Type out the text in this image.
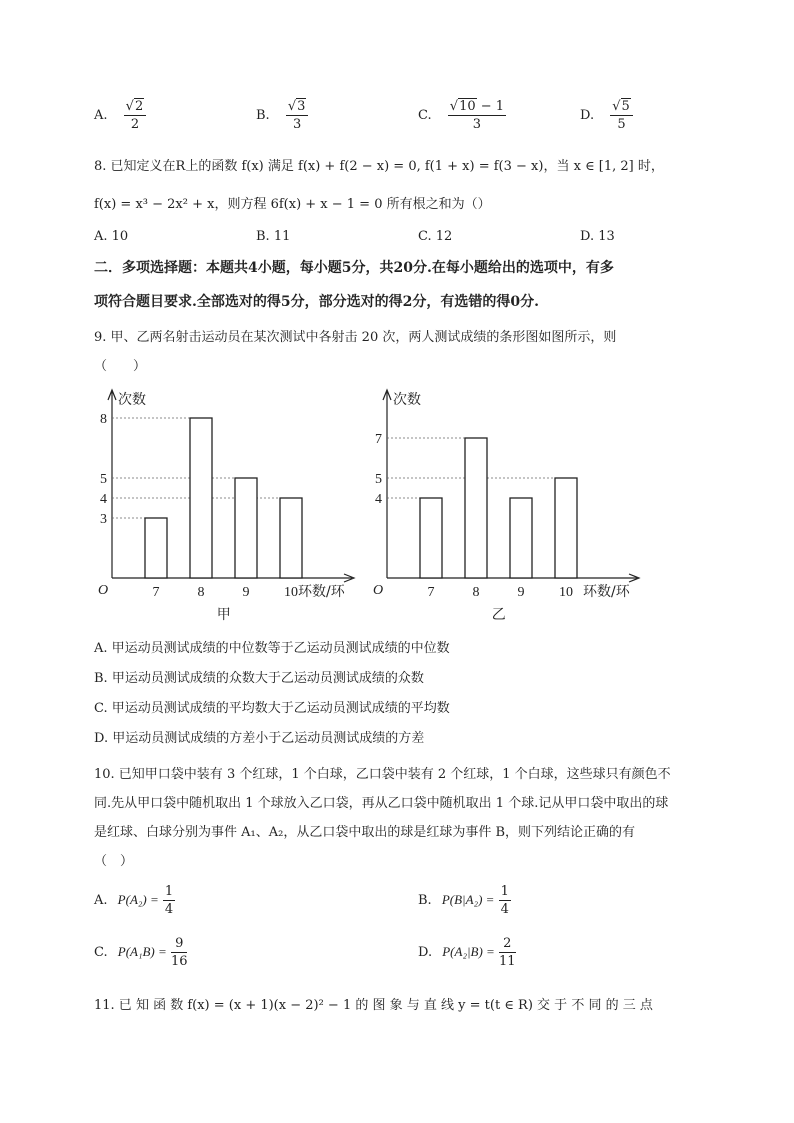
A. $\frac{√2}{2}$	B. $\frac{√3}{3}$	C. $\frac{√10 - 1}{3}$	D. $\frac{√5}{5}$
8. 已知定义在R上的函数 f(x) 满足 f(x) + f(2 − x) = 0, f(1 + x) = f(3 − x)，当 x ∈ [1, 2] 时，
f(x) = x³ − 2x² + x，则方程 6f(x) + x − 1 = 0 所有根之和为（）
A. 10	B. 11	C. 12	D. 13
二．多项选择题：本题共4小题，每小题5分，共20分.在每小题给出的选项中，有多
项符合题目要求.全部选对的得5分，部分选对的得2分，有选错的得0分.
9. 甲、乙两名射击运动员在某次测试中各射击 20 次，两人测试成绩的条形图如图所示，则
（　　）
次数
O
3
4
5
8
7	8	9 10 环数/环
甲
次数
O
4
5
7
7	8	9 10 环数/环
乙
A. 甲运动员测试成绩的中位数等于乙运动员测试成绩的中位数
B. 甲运动员测试成绩的众数大于乙运动员测试成绩的众数
C. 甲运动员测试成绩的平均数大于乙运动员测试成绩的平均数
D. 甲运动员测试成绩的方差小于乙运动员测试成绩的方差
10. 已知甲口袋中装有 3 个红球，1 个白球，乙口袋中装有 2 个红球，1 个白球，这些球只有颜色不
同.先从甲口袋中随机取出 1 个球放入乙口袋，再从乙口袋中随机取出 1 个球.记从甲口袋中取出的球
是红球、白球分别为事件 A₁、A₂，从乙口袋中取出的球是红球为事件 B，则下列结论正确的有
（　）
A. $P(A_2) = \frac{1}{4}$	B. $P(B|A_2) = \frac{1}{4}$
C. $P(A_1B) = \frac{9}{16}$	D. $P(A_2|B) = \frac{2}{11}$
11. 已 知 函 数 f(x) = (x + 1)(x − 2)² − 1 的 图 象 与 直 线 y = t(t ∈ R) 交 于 不 同 的 三 点
